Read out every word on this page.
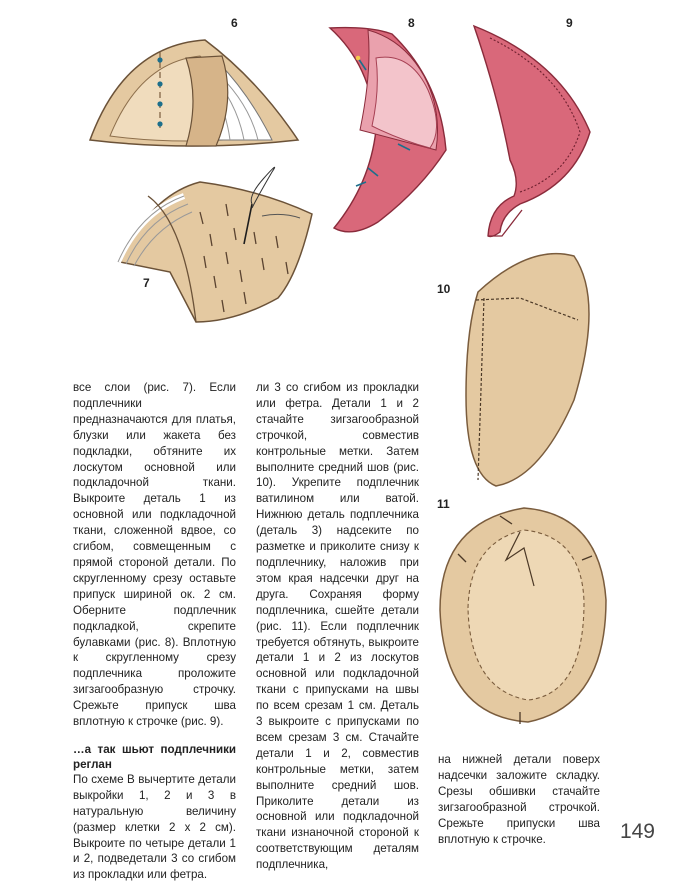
6
7
8	9
10
11

все слои (рис. 7). Если подплечники предназначаются для платья, блузки или жакета без подкладки, обтяните их лоскутом основной или подкладочной ткани. Выкроите деталь 1 из основной или подкладочной ткани, сложенной вдвое, со сгибом, совмещенным с прямой стороной детали. По скругленному срезу оставьте припуск шириной ок. 2 см. Оберните подплечник подкладкой, скрепите булавками (рис. 8). Вплотную к скругленному срезу подплечника проложите зигзагообразную строчку. Срежьте припуск шва вплотную к строчке (рис. 9).

…а так шьют подплечники реглан

По схеме В вычертите детали выкройки 1, 2 и 3 в натуральную величину (размер клетки 2 х 2 см). Выкроите по четыре детали 1 и 2, подведетали 3 со сгибом из прокладки или фетра.

ли 3 со сгибом из прокладки или фетра. Детали 1 и 2 стачайте зигзагообразной строчкой, совместив контрольные метки. Затем выполните средний шов (рис. 10). Укрепите подплечник ватилином или ватой. Нижнюю деталь подплечника (деталь 3) надсеките по разметке и приколите снизу к подплечнику, наложив при этом края надсечки друг на друга. Сохраняя форму подплечника, сшейте детали (рис. 11). Если подплечник требуется обтянуть, выкроите детали 1 и 2 из лоскутов основной или подкладочной ткани с припусками на швы по всем срезам 1 см. Деталь 3 выкроите с припусками по всем срезам 3 см. Стачайте детали 1 и 2, совместив контрольные метки, затем выполните средний шов. Приколите детали из основной или подкладочной ткани изнаночной стороной к соответствующим деталям подплечника,

на нижней детали поверх надсечки заложите складку. Срезы обшивки стачайте зигзагообразной строчкой. Срежьте припуски шва вплотную к строчке.	149
